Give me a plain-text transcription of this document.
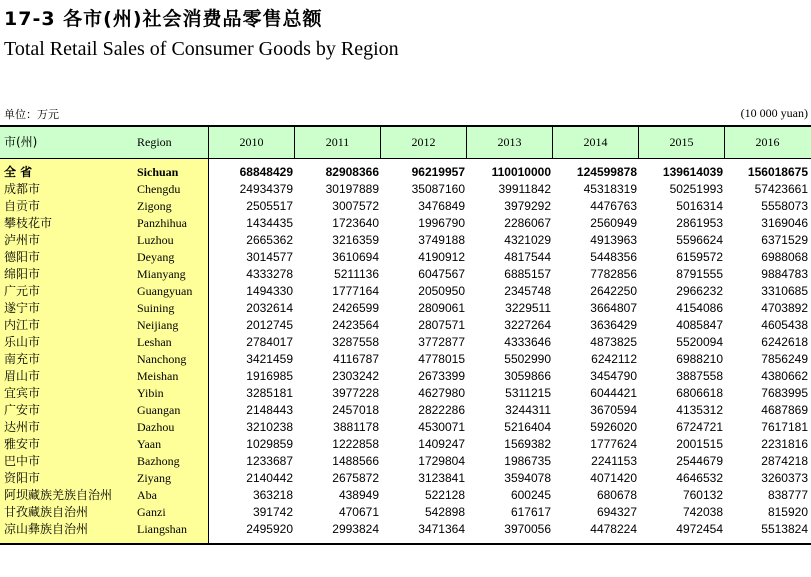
17-3 各市(州)社会消费品零售总额
Total Retail Sales of Consumer Goods by Region
单位：万元	(10 000 yuan)
市(州)	Region	2010	2011	2012	2013	2014	2015	2016
全 省	Sichuan	68848429	82908366	96219957	110010000	124599878	139614039	156018675
成都市	Chengdu	24934379	30197889	35087160	39911842	45318319	50251993	57423661
自贡市	Zigong	2505517	3007572	3476849	3979292	4476763	5016314	5558073
攀枝花市	Panzhihua	1434435	1723640	1996790	2286067	2560949	2861953	3169046
泸州市	Luzhou	2665362	3216359	3749188	4321029	4913963	5596624	6371529
德阳市	Deyang	3014577	3610694	4190912	4817544	5448356	6159572	6988068
绵阳市	Mianyang	4333278	5211136	6047567	6885157	7782856	8791555	9884783
广元市	Guangyuan	1494330	1777164	2050950	2345748	2642250	2966232	3310685
遂宁市	Suining	2032614	2426599	2809061	3229511	3664807	4154086	4703892
内江市	Neijiang	2012745	2423564	2807571	3227264	3636429	4085847	4605438
乐山市	Leshan	2784017	3287558	3772877	4333646	4873825	5520094	6242618
南充市	Nanchong	3421459	4116787	4778015	5502990	6242112	6988210	7856249
眉山市	Meishan	1916985	2303242	2673399	3059866	3454790	3887558	4380662
宜宾市	Yibin	3285181	3977228	4627980	5311215	6044421	6806618	7683995
广安市	Guangan	2148443	2457018	2822286	3244311	3670594	4135312	4687869
达州市	Dazhou	3210238	3881178	4530071	5216404	5926020	6724721	7617181
雅安市	Yaan	1029859	1222858	1409247	1569382	1777624	2001515	2231816
巴中市	Bazhong	1233687	1488566	1729804	1986735	2241153	2544679	2874218
资阳市	Ziyang	2140442	2675872	3123841	3594078	4071420	4646532	3260373
阿坝藏族羌族自治州 Aba	363218	438949	522128	600245	680678	760132	838777
甘孜藏族自治州	Ganzi	391742	470671	542898	617617	694327	742038	815920
凉山彝族自治州	Liangshan	2495920	2993824	3471364	3970056	4478224	4972454	5513824
